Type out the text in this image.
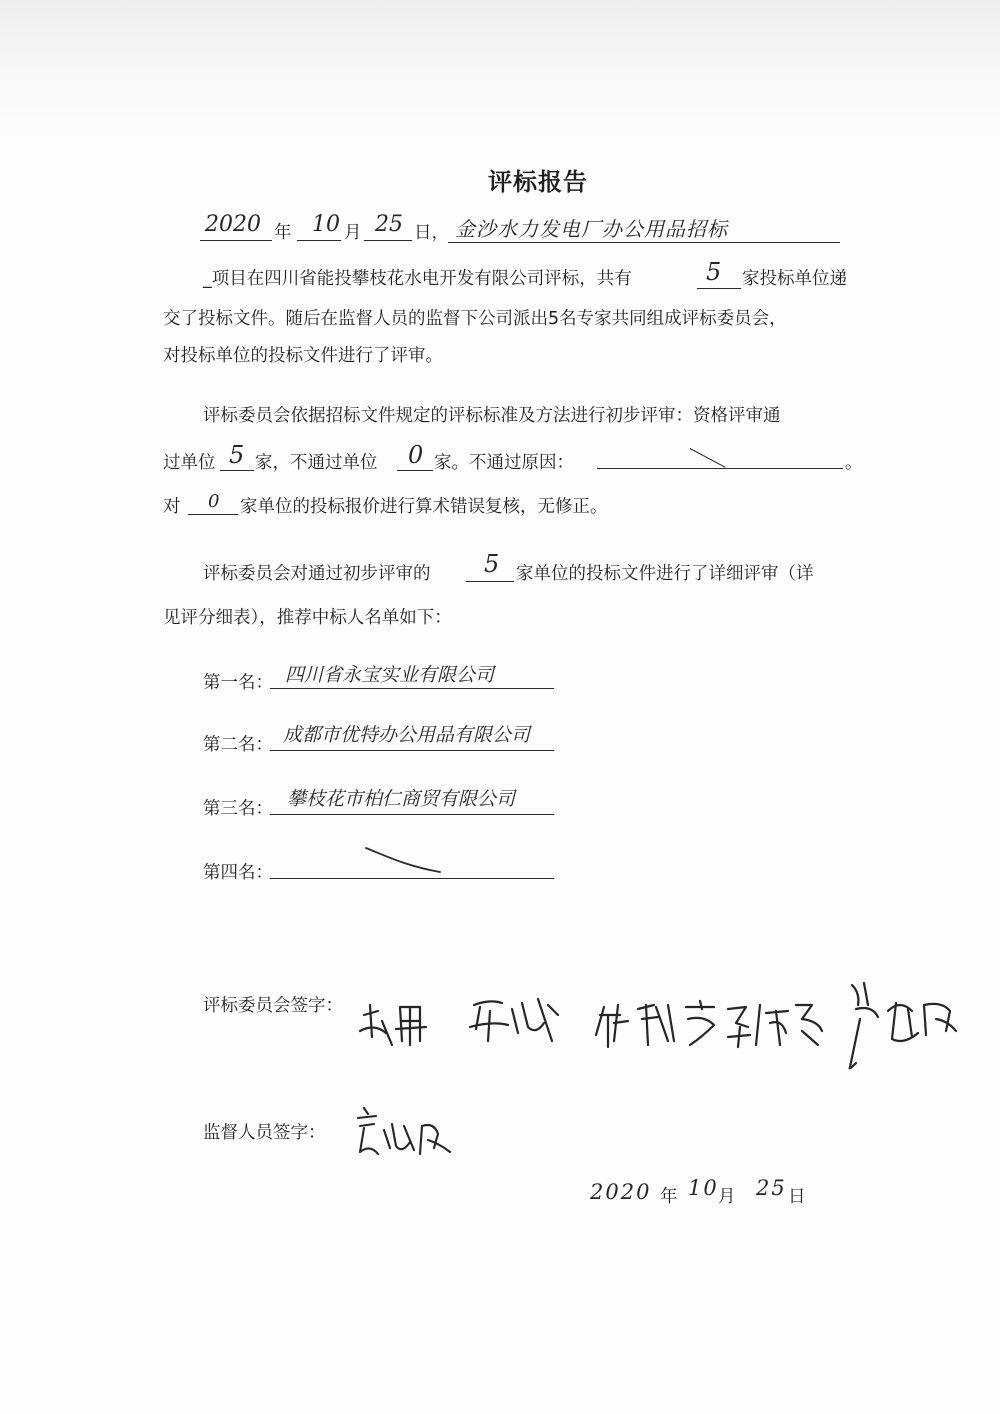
评标报告
2020 年 10 月 25 日， 金沙水力发电厂办公用品招标
_项目在四川省能投攀枝花水电开发有限公司评标，共有	5 家投标单位递
交了投标文件。随后在监督人员的监督下公司派出5名专家共同组成评标委员会，
对投标单位的投标文件进行了评审。
评标委员会依据招标文件规定的评标标准及方法进行初步评审：资格评审通
过单位 5 家，不通过单位 0 家。不通过原因：	。
对 0 家单位的投标报价进行算术错误复核，无修正。
评标委员会对通过初步评审的 5 家单位的投标文件进行了详细评审（详
见评分细表），推荐中标人名单如下：
第一名： 四川省永宝实业有限公司
第二名： 成都市优特办公用品有限公司
第三名： 攀枝花市柏仁商贸有限公司
第四名：
评标委员会签字：
监督人员签字：
2020 年 10 月 25 日
